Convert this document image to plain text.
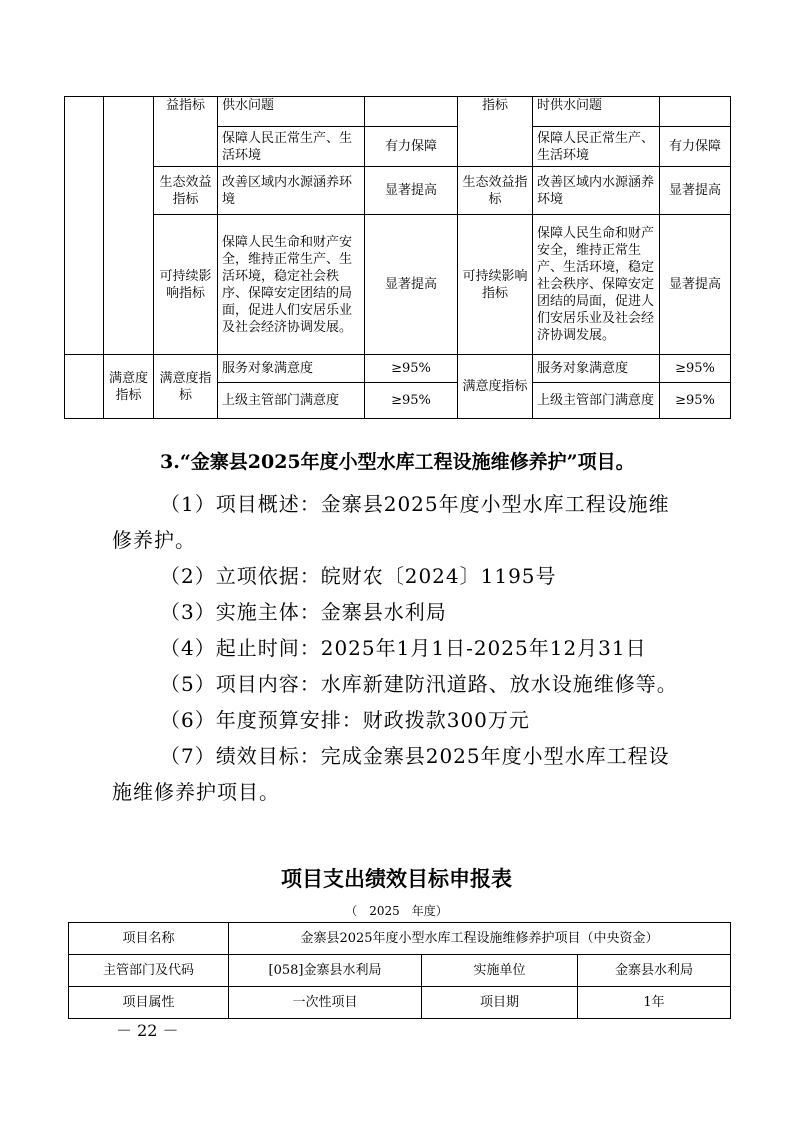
		益指标	供水问题		指标	时供水问题	
			保障人民正常生产、生活环境	有力保障		保障人民正常生产、生活环境	有力保障
		生态效益指标	改善区域内水源涵养环境	显著提高	生态效益指标	改善区域内水源涵养环境	显著提高
		可持续影响指标	保障人民生命和财产安全，维持正常生产、生活环境，稳定社会秩序、保障安定团结的局面，促进人们安居乐业及社会经济协调发展。	显著提高	可持续影响指标	保障人民生命和财产安全，维持正常生产、生活环境，稳定社会秩序、保障安定团结的局面，促进人们安居乐业及社会经济协调发展。	显著提高
	满意度指标	满意度指标	服务对象满意度	≥95%	满意度指标	服务对象满意度	≥95%
			上级主管部门满意度	≥95%		上级主管部门满意度	≥95%
3.“金寨县2025年度小型水库工程设施维修养护”项目。
（1）项目概述：金寨县2025年度小型水库工程设施维
修养护。
（2）立项依据：皖财农〔2024〕1195号
（3）实施主体：金寨县水利局
（4）起止时间：2025年1月1日-2025年12月31日
（5）项目内容：水库新建防汛道路、放水设施维修等。
（6）年度预算安排：财政拨款300万元
（7）绩效目标：完成金寨县2025年度小型水库工程设
施维修养护项目。
项目支出绩效目标申报表
（　2025　年度）
项目名称	金寨县2025年度小型水库工程设施维修养护项目（中央资金）		
主管部门及代码	[058]金寨县水利局	实施单位	金寨县水利局
项目属性	一次性项目	项目期	1年
－ 22 －
